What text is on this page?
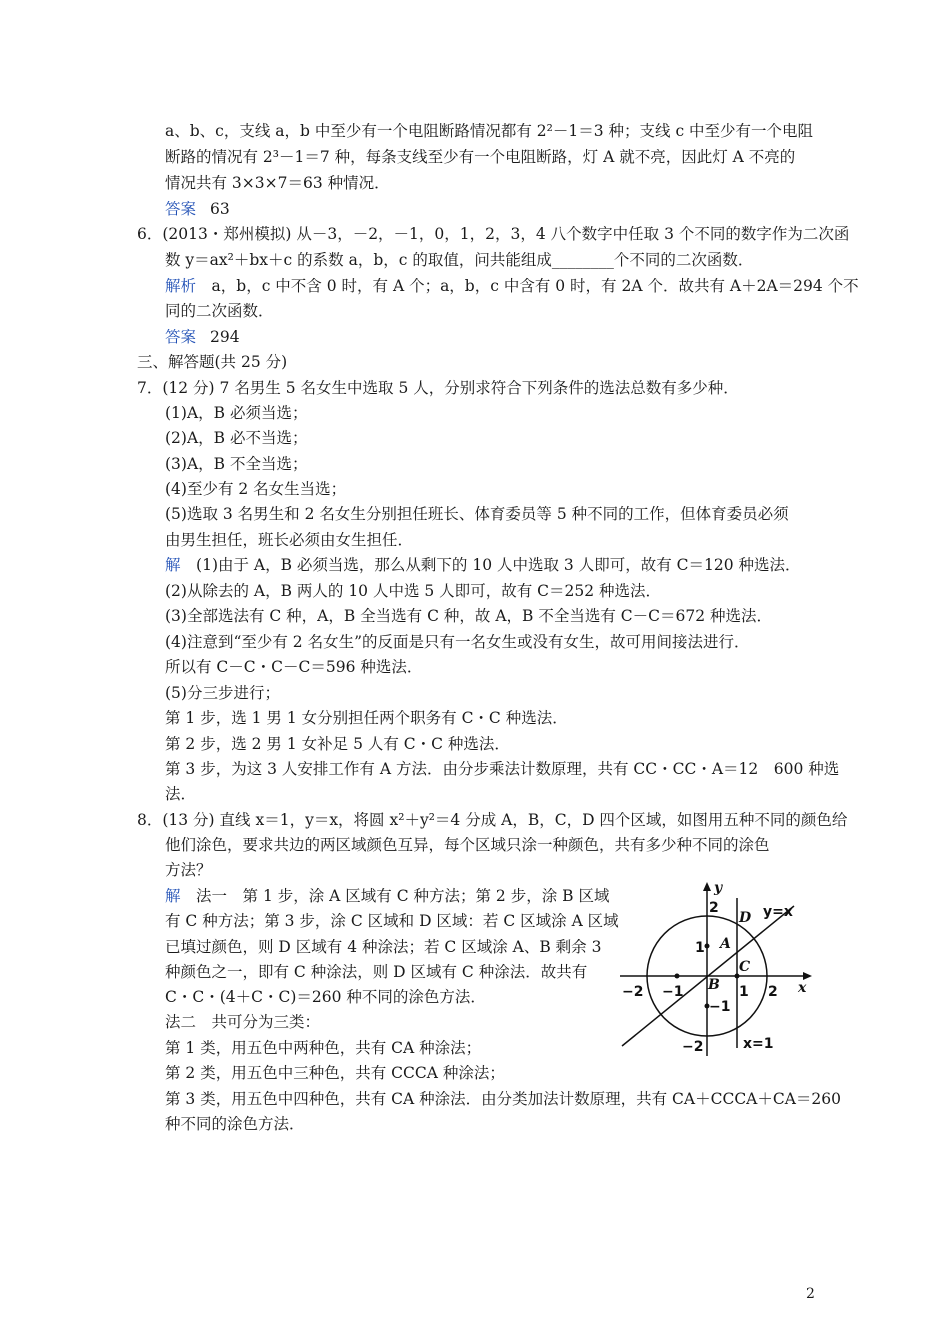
a、b、c，支线 a，b 中至少有一个电阻断路情况都有 2²－1＝3 种；支线 c 中至少有一个电阻
断路的情况有 2³－1＝7 种，每条支线至少有一个电阻断路，灯 A 就不亮，因此灯 A 不亮的
情况共有 3×3×7＝63 种情况．
答案 63
6．(2013・郑州模拟) 从－3，－2，－1，0，1，2，3，4 八个数字中任取 3 个不同的数字作为二次函
数 y＝ax²＋bx＋c 的系数 a，b，c 的取值，问共能组成________个不同的二次函数．
解析　 a，b，c 中不含 0 时，有 A 个；a，b，c 中含有 0 时，有 2A 个．故共有 A＋2A＝294 个不
同的二次函数．
答案 294
三、解答题(共 25 分)
7．(12 分) 7 名男生 5 名女生中选取 5 人，分别求符合下列条件的选法总数有多少种．
(1)A，B 必须当选；
(2)A，B 必不当选；
(3)A，B 不全当选；
(4)至少有 2 名女生当选；
(5)选取 3 名男生和 2 名女生分别担任班长、体育委员等 5 种不同的工作，但体育委员必须
由男生担任，班长必须由女生担任．
解　 (1)由于 A，B 必须当选，那么从剩下的 10 人中选取 3 人即可，故有 C＝120 种选法．
(2)从除去的 A，B 两人的 10 人中选 5 人即可，故有 C＝252 种选法．
(3)全部选法有 C 种，A，B 全当选有 C 种，故 A，B 不全当选有 C－C＝672 种选法．
(4)注意到“至少有 2 名女生”的反面是只有一名女生或没有女生，故可用间接法进行．
所以有 C－C・C－C＝596 种选法．
(5)分三步进行；
第 1 步，选 1 男 1 女分别担任两个职务有 C・C 种选法．
第 2 步，选 2 男 1 女补足 5 人有 C・C 种选法．
第 3 步，为这 3 人安排工作有 A 方法．由分步乘法计数原理，共有 CC・CC・A＝12　600 种选
法．
8．(13 分) 直线 x＝1，y＝x，将圆 x²＋y²＝4 分成 A，B，C，D 四个区域，如图用五种不同的颜色给
他们涂色，要求共边的两区域颜色互异，每个区域只涂一种颜色，共有多少种不同的涂色
方法？
解　 法一　第 1 步，涂 A 区域有 C 种方法；第 2 步，涂 B 区域
有 C 种方法；第 3 步，涂 C 区域和 D 区域：若 C 区域涂 A 区域
已填过颜色，则 D 区域有 4 种涂法；若 C 区域涂 A、B 剩余 3
种颜色之一，即有 C 种涂法，则 D 区域有 C 种涂法．故共有
C・C・(4＋C・C)＝260 种不同的涂色方法．
法二　共可分为三类：
第 1 类，用五色中两种色，共有 CA 种涂法；
第 2 类，用五色中三种色，共有 CCCA 种涂法；
第 3 类，用五色中四种色，共有 CA 种涂法．由分类加法计数原理，共有 CA＋CCCA＋CA＝260
种不同的涂色方法．
y
x
y=x
x=1
D
A
C
B
2
1
−1
−2
−2 −1	1 2
2
